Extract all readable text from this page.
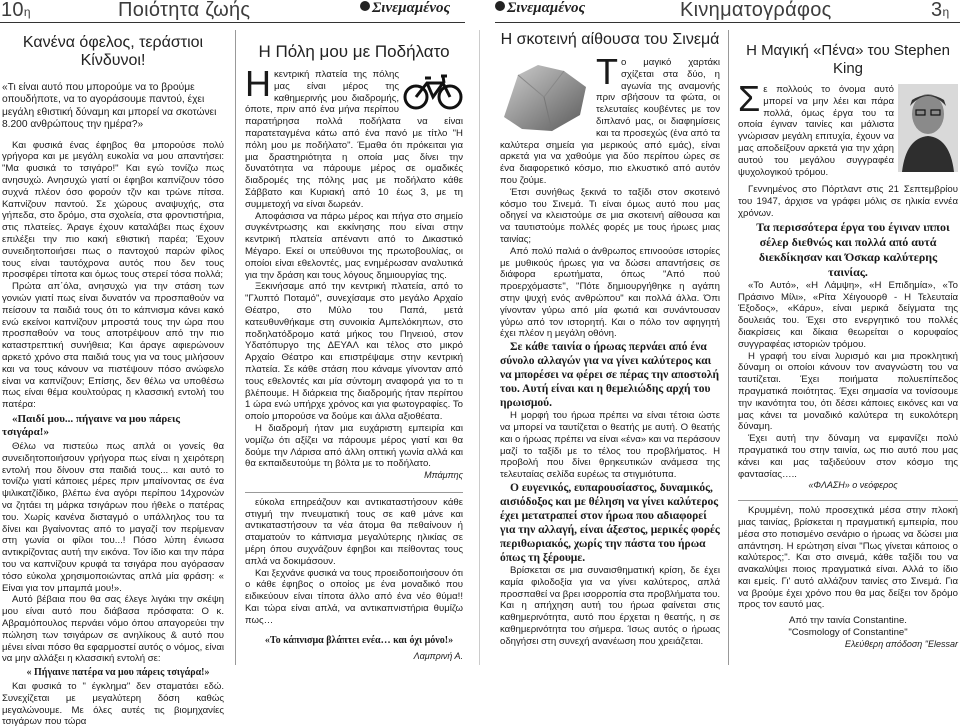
10η	Ποιότητα ζωής	Σινεμαμένος	Σινεμαμένος	Κινηματογράφος	3η
Κανένα όφελος, τεράστιοι Κίνδυνοι!

«Τι είναι αυτό που μπορούμε να το βρούμε οπουδήποτε, να το αγοράσουμε παντού, έχει μεγάλη εθιστική δύναμη και μπορεί να σκοτώνει 8.200 ανθρώπους την ημέρα?»

Και φυσικά ένας έφηβος θα μπορούσε πολύ γρήγορα και με μεγάλη ευκολία να μου απαντήσει: "Μα φυσικά το τσιγάρο!" Και εγώ τονίζω πως ανησυχώ. Ανησυχώ γιατί οι έφηβοι καπνίζουν τόσο συχνά πλέον όσο φορούν τζιν και τρώνε πίτσα. Καπνίζουν παντού. Σε χώρους αναψυχής, στα γήπεδα, στο δρόμο, στα σχολεία, στα φροντιστήρια, στις πλατείες. Άραγε έχουν καταλάβει πως έχουν επιλέξει την πιο κακή εθιστική παρέα; Έχουν συνειδητοποιήσει πως ο παντοχού παρών φίλος τους είναι ταυτόχρονα αυτός που δεν τους προσφέρει τίποτα και όμως τους στερεί τόσα πολλά;

Πρώτα απ΄όλα, ανησυχώ για την στάση των γονιών γιατί πως είναι δυνατόν να προσπαθούν να πείσουν τα παιδιά τους ότι το κάπνισμα κάνει κακό ενώ εκείνοι καπνίζουν μπροστά τους την ώρα που προσπαθούν να τους αποτρέψουν από την πιο καταστρεπτική συνήθεια; Και άραγε αφιερώνουν αρκετό χρόνο στα παιδιά τους για να τους μιλήσουν και να τους κάνουν να πιστέψουν πόσο ανώφελο είναι να καπνίζουν; Επίσης, δεν θέλω να υποθέσω πως είναι θέμα κουλτούρας η κλασσική εντολή του πατέρα:

«Παιδί μου... πήγαινε να μου πάρεις τσιγάρα!»

Θέλω να πιστεύω πως απλά οι γονείς θα συνειδητοποιήσουν γρήγορα πως είναι η χειρότερη εντολή που δίνουν στα παιδιά τους... και αυτό το τονίζω γιατί κάποιες μέρες πριν μπαίνοντας σε ένα ψιλικατζίδικο, βλέπω ένα αγόρι περίπου 14χρονών να ζητάει τη μάρκα τσιγάρων που ήθελε ο πατέρας του. Χωρίς κανένα δισταγμό ο υπάλληλος του τα δίνει και βγαίνοντας από το μαγαζί τον περίμεναν στη γωνία οι φίλοι του...! Πόσο λύπη ένιωσα αντικρίζοντας αυτή την εικόνα. Τον ίδιο και την πάρα του να καπνίζουν κρυφά τα τσιγάρα που αγόρασαν τόσο εύκολα χρησιμοποιώντας απλά μία φράση: « Είναι για τον μπαμπά μου!».

Αυτό βέβαια που θα σας έλεγε λιγάκι την σκέψη μου είναι αυτό που διάβασα πρόσφατα: Ο κ. Αβραμόπουλος περνάει νόμο όπου απαγορεύει την πώληση των τσιγάρων σε ανηλίκους & αυτό που μένει είναι πόσο θα εφαρμοστεί αυτός ο νόμος, είναι να μην αλλάξει η κλασσική εντολή σε:

« Πήγαινε πατέρα να μου πάρεις τσιγάρα!»

Και φυσικά το " έγκλημα" δεν σταματάει εδώ. Συνεχίζεται με μεγαλύτερη δόση καθώς μεγαλώνουμε. Με όλες αυτές τις βιομηχανίες τσιγάρων που τώρα

Η Πόλη μου με Ποδήλατο
Η κεντρική πλατεία της πόλης μας είναι μέρος της καθημερινής μου διαδρομής, όποτε, πριν από ένα μήνα περίπου παρατήρησα πολλά ποδήλατα να είναι παρατεταγμένα κάτω από ένα πανό με τίτλο "Η πόλη μου με ποδήλατο". Έμαθα ότι πρόκειται για μια δραστηριότητα η οποία μας δίνει την δυνατότητα να πάρουμε μέρος σε ομαδικές διαδρομές της πόλης μας με ποδήλατο κάθε Σάββατο και Κυριακή από 10 έως 3, με τη συμμετοχή να είναι δωρεάν.

Αποφάσισα να πάρω μέρος και πήγα στο σημείο συγκέντρωσης και εκκίνησης που είναι στην κεντρική πλατεία απέναντι από το Δικαστικό Μέγαρο. Εκεί οι υπεύθυνοι της πρωτοβουλίας, οι οποίοι είναι εθελοντές, μας ενημέρωσαν αναλυτικά για την δράση και τους λόγους δημιουργίας της.

Ξεκινήσαμε από την κεντρική πλατεία, από το "Γλυπτό Ποταμό", συνεχίσαμε στο μεγάλο Αρχαίο Θέατρο, στο Μύλο του Παπά, μετά κατευθυνθήκαμε στη συνοικία Αμπελόκηπων, στο ποδηλατόδρομο κατά μήκος του Πηνειού, στον Υδατόπυργο της ΔΕΥΑΛ και τέλος στο μικρό Αρχαίο Θέατρο και επιστρέψαμε στην κεντρική πλατεία. Σε κάθε στάση που κάναμε γίνονταν από τους εθελοντές και μία σύντομη αναφορά για το τι βλέπουμε. Η διάρκεια της διαδρομής ήταν περίπου 1 ώρα ενώ υπήρχε χρόνος και για φωτογραφίες. Το οποίο μπορούσε να δούμε και άλλα αξιοθέατα.

Η διαδρομή ήταν μια ευχάριστη εμπειρία και νομίζω ότι αξίζει να πάρουμε μέρος γιατί και θα δούμε την Λάρισα από άλλη οπτική γωνία αλλά και θα εκπαιδευτούμε τη βόλτα με το ποδήλατο.

Μπάμπης

εύκολα επηρεάζουν και αντικαταστήσουν κάθε στιγμή την πνευματική τους σε καθ μάνε και αντικαταστήσουν τα νέα άτομα θα πεθαίνουν ή σταματούν το κάπνισμα μεγαλύτερης ηλικίας σε μέρη όπου συχνάζουν έφηβοι και πείθοντας τους απλά να δοκιμάσουν.

Και ξεχνάνε φυσικά να τους προειδοποιήσουν ότι ο κάθε έφηβος ο οποίος με ένα μοναδικό που ειδικεύουν είναι τίποτα άλλο από ένα νέο θύμα!! Και τώρα είναι απλά, να αντικαπνιστήρια θυμίζω πως…

«Το κάπνισμα βλάπτει ενέα… και όχι μόνο!»

Λαμπρινή Α.

Η σκοτεινή αίθουσα του Σινεμά
Τ ο μαγικό χαρτάκι σχίζεται στα δύο, η αγωνία της αναμονής πριν σβήσουν τα φώτα, οι τελευταίες κουβέντες με τον διπλανό μας, οι διαφημίσεις και τα προσεχώς (ένα από τα καλύτερα σημεία για μερικούς από εμάς), είναι αρκετά για να χαθούμε για δύο περίπου ώρες σε ένα διαφορετικό κόσμο, πιο ελκυστικό από αυτόν που ζούμε.

Έτσι συνήθως ξεκινά το ταξίδι στον σκοτεινό κόσμο του Σινεμά. Τι είναι όμως αυτό που μας οδηγεί να κλειστούμε σε μια σκοτεινή αίθουσα και να ταυτιστούμε πολλές φορές με τους ήρωες μιας ταινίας;

Από πολύ παλιά ο άνθρωπος επινοούσε ιστορίες με μυθικούς ήρωες για να δώσει απαντήσεις σε διάφορα ερωτήματα, όπως "Από πού προερχόμαστε", "Πότε δημιουργήθηκε η αγάπη στην ψυχή ενός ανθρώπου" και πολλά άλλα. Όπι γίνονταν γύρω από μία φωτιά και συνάντουσαν γύρω από τον ιστορητή. Και ο πόλο τον αφηγητή έχει πλέον η μεγάλη οθόνη.

Σε κάθε ταινία ο ήρωας περνάει από ένα σύνολο αλλαγών για να γίνει καλύτερος και να μπορέσει να φέρει σε πέρας την αποστολή του. Αυτή είναι και η θεμελιώδης αρχή του ηρωισμού.

Η μορφή του ήρωα πρέπει να είναι τέτοια ώστε να μπορεί να ταυτίζεται ο θεατής με αυτή. Ο θεατής και ο ήρωας πρέπει να είναι «ένα» και να περάσουν μαζί το ταξίδι με το τέλος του προβλήματος. Η προβολή που δίνει θρηκευτικών ανάμεσα της τελευταίας σελίδα ευρέως τα στιγμιότυπα.

Ο ευγενικός, ευπαρουσίαστος, δυναμικός, αισιόδοξος και με θέληση να γίνει καλύτερος έχει μετατραπεί στον ήρωα που αδιαφορεί για την αλλαγή, είναι άξεστος, μερικές φορές περιθωριακός, χωρίς την πάστα του ήρωα όπως τη ξέρουμε.

Βρίσκεται σε μια συναισθηματική κρίση, δε έχει καμία φιλοδοξία για να γίνει καλύτερος, απλά προσπαθεί να βρει ισορροπία στα προβλήματα του. Και η απήχηση αυτή του ήρωα φαίνεται στις καθημερινότητα, αυτό που έρχεται η θεατής, η σε καθημερινότητα του σήμερα. Ίσως αυτός ο ήρωας οδηγήσει στη συνεχή ανανέωση που χρειάζεται.

Η Μαγική «Πένα» του Stephen King
Σ ε πολλούς το όνομα αυτό μπορεί να μην λέει και πάρα πολλά, όμως έργα του τα οποία έγιναν ταινίες και μάλιστα γνώρισαν μεγάλη επιτυχία, έχουν να μας αποδείξουν αρκετά για την χάρη αυτού του μεγάλου συγγραφέα ψυχολογικού τρόμου.

Γεννημένος στο Πόρτλαντ στις 21 Σεπτεμβρίου του 1947, άρχισε να γράφει μόλις σε ηλικία εννέα χρόνων.

Τα περισσότερα έργα του έγιναν ιπποι σέλερ διεθνώς και πολλά από αυτά διεκδίκησαν και Όσκαρ καλύτερης ταινίας.

«Το Αυτό», «Η Λάμψη», «Η Επιδημία», «Το Πράσινο Μίλι», «Ρίτα Χέιγουορθ - Η Τελευταία Έξοδος», «Κάρυ», είναι μερικά δείγματα της δουλειάς του. Έχει στο ενεργητικό του πολλές διακρίσεις και δίκαια θεωρείται ο κορυφαίος συγγραφέας ιστοριών τρόμου.

Η γραφή του είναι λυρισμό και μια προκλητική δύναμη οι οποίοι κάνουν τον αναγνώστη του να ταυτίζεται. Έχει ποιήματα πολυεπίπεδος πραγματικά ποιότητας. Έχει σημασία να τονίσουμε την ικανότητα του, ότι δέσει κάποιες εικόνες και να μας κάνει τα μοναδικό καλύτερα τη ευκολότερη δύναμη.

Έχει αυτή την δύναμη να εμφανίζει πολύ πραγματικά του στην ταινία, ως πιο αυτό που μας κάνει και μας ταξιδεύουν στον κόσμο της φαντασίας…..

«ΦΛΑΣΗ» ο νεόφερος

Κρυμμένη, πολύ προσεχτικά μέσα στην πλοκή μιας ταινίας, βρίσκεται η πραγματική εμπειρία, που μέσα στο ποτισμένο σενάριο ο ήρωας να δώσει μια απάντηση. Η ερώτηση είναι "Πως γίνεται κάποιος ο καλύτερος;". Και στο σινεμά, κάθε ταξίδι του να ανακαλύψει ποιος πραγματικά είναι. Αλλά το ίδιο και εμείς. Γι' αυτό αλλάζουν ταινίες στο Σινεμά. Για να βρούμε έχει χρόνο που θα μας δείξει τον δρόμο προς τον εαυτό μας.

Από την ταινία Constantine.

"Cosmology of Constantine"

Ελεύθερη απόδοση "Elessar
